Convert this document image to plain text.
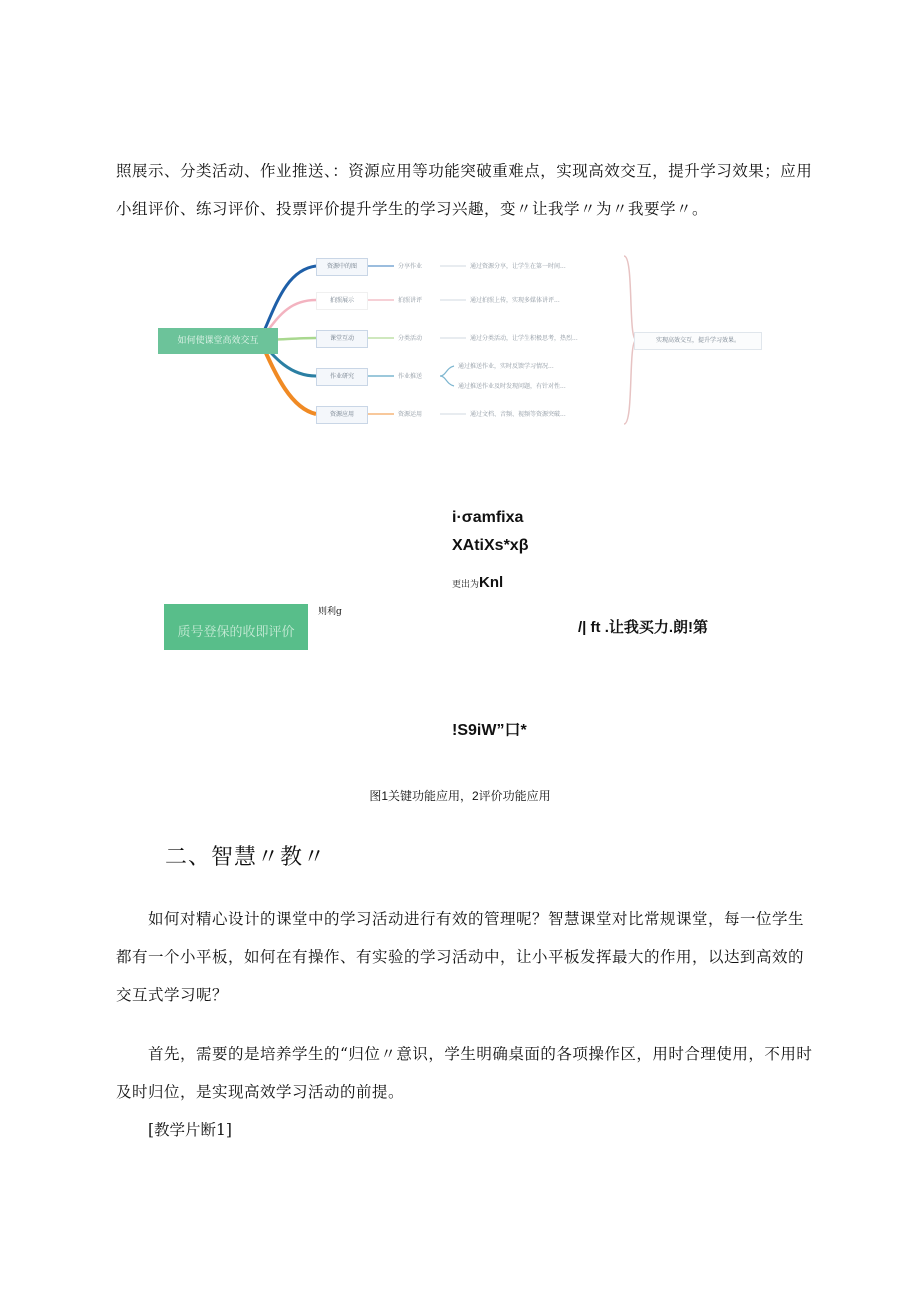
照展示、分类活动、作业推送、：资源应用等功能突破重难点，实现高效交互，提升学习效果；应用小组评价、练习评价、投票评价提升学生的学习兴趣，变〃让我学〃为〃我要学〃。
如何使课堂高效交互
资源中的图
拍照展示
课堂互动
作业研究
资源应用
分享作业
拍照讲评
分类活动
作业推送
资源运用
通过资源分享，让学生在第一时间...
通过拍照上传，实现多媒体讲评...
通过分类活动，让学生积极思考，热烈...
通过推送作业，实时反馈学习情况...
通过推送作业及时发现问题，有针对性...
通过文档、音频、视频等资源突破...
实现高效交互，提升学习效果。
i·σamfixa
XAtiXs*xβ
更出为Knl
质号登保的收即评价
则利g
/| ft .让我买力.朗!第
!S9iW”口*
图1关键功能应用，2评价功能应用
二、智慧〃教〃
如何对精心设计的课堂中的学习活动进行有效的管理呢？智慧课堂对比常规课堂，每一位学生都有一个小平板，如何在有操作、有实验的学习活动中，让小平板发挥最大的作用，以达到高效的交互式学习呢？
首先，需要的是培养学生的“归位〃意识，学生明确桌面的各项操作区，用时合理使用，不用时及时归位，是实现高效学习活动的前提。
[教学片断1]
